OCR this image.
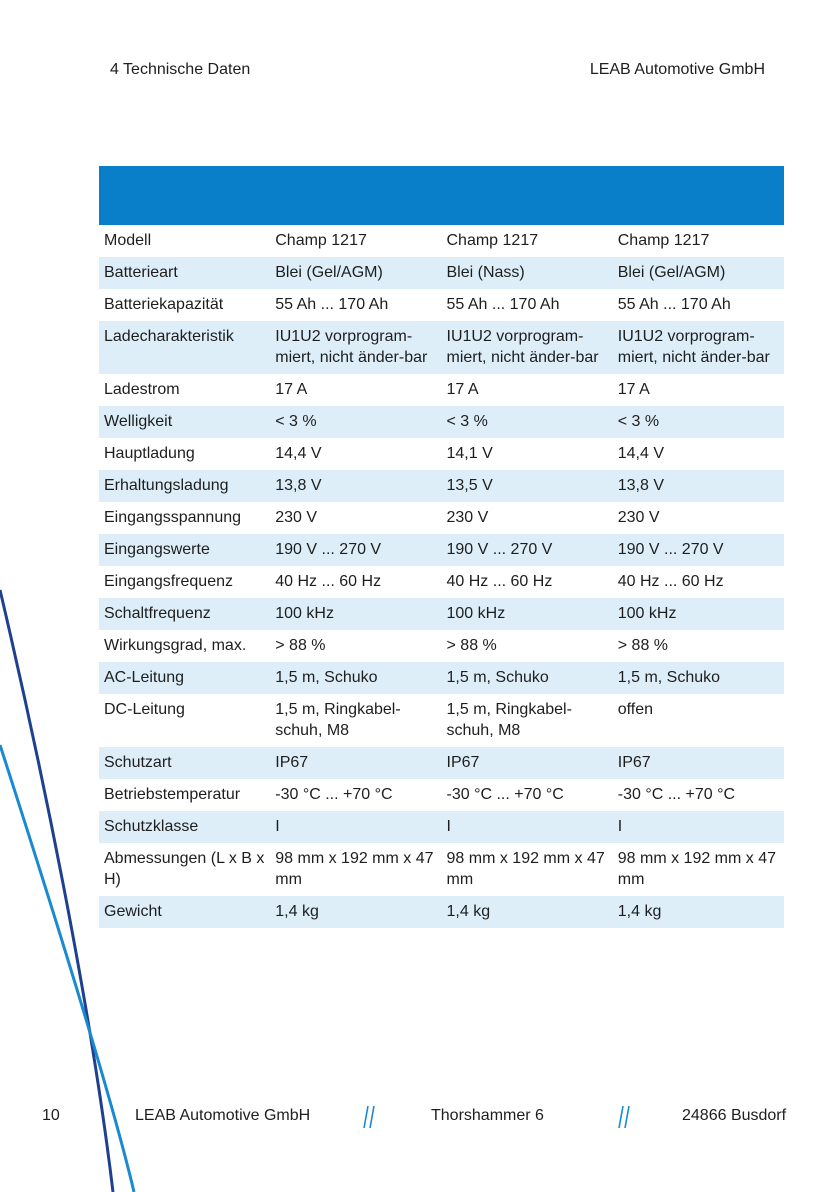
4 Technische Daten	LEAB Automotive GmbH
Modell	Champ 1217	Champ 1217	Champ 1217
Batterieart	Blei (Gel/AGM)	Blei (Nass)	Blei (Gel/AGM)
Batteriekapazität	55 Ah ... 170 Ah	55 Ah ... 170 Ah	55 Ah ... 170 Ah
Ladecharakteristik	IU1U2 vorprogram-miert, nicht änder-bar	IU1U2 vorprogram-miert, nicht änder-bar	IU1U2 vorprogram-miert, nicht änder-bar
Ladestrom	17 A	17 A	17 A
Welligkeit	< 3 %	< 3 %	< 3 %
Hauptladung	14,4 V	14,1 V	14,4 V
Erhaltungsladung	13,8 V	13,5 V	13,8 V
Eingangsspannung	230 V	230 V	230 V
Eingangswerte	190 V ... 270 V	190 V ... 270 V	190 V ... 270 V
Eingangsfrequenz	40 Hz ... 60 Hz	40 Hz ... 60 Hz	40 Hz ... 60 Hz
Schaltfrequenz	100 kHz	100 kHz	100 kHz
Wirkungsgrad, max.	> 88 %	> 88 %	> 88 %
AC-Leitung	1,5 m, Schuko	1,5 m, Schuko	1,5 m, Schuko
DC-Leitung	1,5 m, Ringkabel-schuh, M8	1,5 m, Ringkabel-schuh, M8	offen
Schutzart	IP67	IP67	IP67
Betriebstemperatur	-30 °C ... +70 °C	-30 °C ... +70 °C	-30 °C ... +70 °C
Schutzklasse	I	I	I
Abmessungen (L x B x H)	98 mm x 192 mm x 47 mm	98 mm x 192 mm x 47 mm	98 mm x 192 mm x 47 mm
Gewicht	1,4 kg	1,4 kg	1,4 kg
10	LEAB Automotive GmbH	Thorshammer 6	24866 Busdorf
